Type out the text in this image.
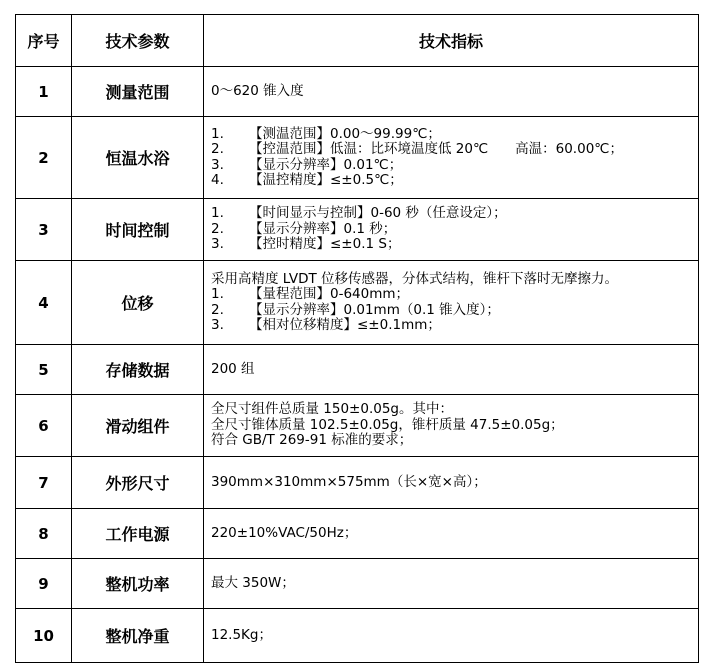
序号	技术参数	技术指标
1	测量范围	0～620 锥入度

2	恒温水浴	1. 【测温范围】0.00～99.99℃；
2. 【控温范围】低温：比环境温度低 20℃　　高温：60.00℃；
3. 【显示分辨率】0.01℃；
4. 【温控精度】≤±0.5℃；

3	时间控制	1. 【时间显示与控制】0-60 秒（任意设定）；
2. 【显示分辨率】0.1 秒；
3. 【控时精度】≤±0.1 S；

4	位移	采用高精度 LVDT 位移传感器，分体式结构，锥杆下落时无摩擦力。
1. 【量程范围】0-640mm；
2. 【显示分辨率】0.01mm（0.1 锥入度）；
3. 【相对位移精度】≤±0.1mm；

5	存储数据	200 组

6	滑动组件	全尺寸组件总质量 150±0.05g。其中：
全尺寸锥体质量 102.5±0.05g，锥杆质量 47.5±0.05g；
符合 GB/T 269-91 标准的要求；

7	外形尺寸	390mm×310mm×575mm（长×宽×高）；

8	工作电源	220±10%VAC/50Hz；

9	整机功率	最大 350W；

10	整机净重	12.5Kg；
